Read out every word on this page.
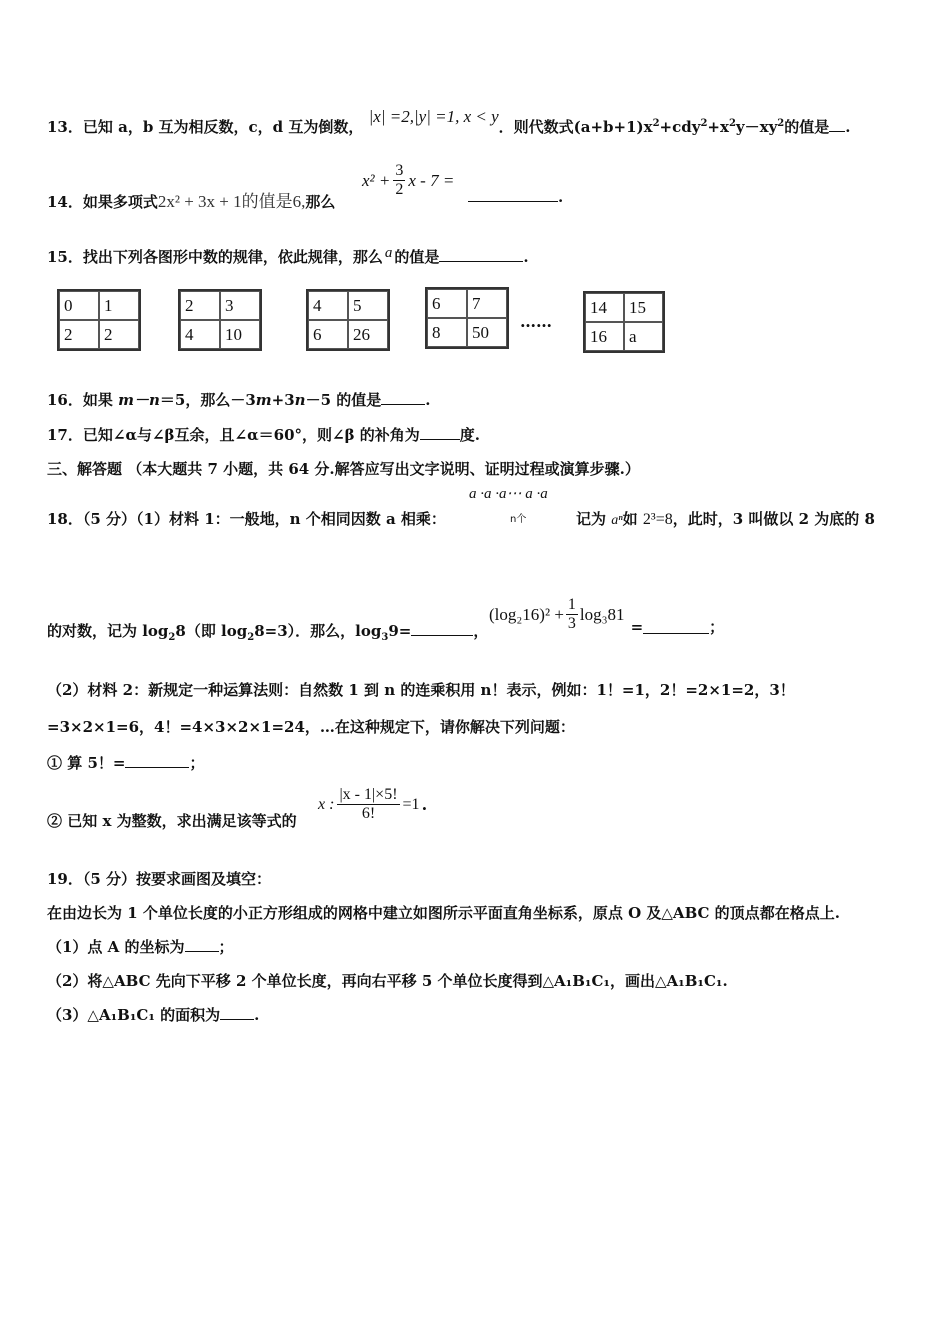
13．已知 a，b 互为相反数，c，d 互为倒数， |x| =2,|y| =1, x < y．则代数式$(a+b+1)x^2+cdy^2+x^2y-xy^2$的值是 .
14．如果多项式2x² + 3x + 1的值是6,那么
$x^2 + \frac{3}{2}$ x - 7 =
.
15．找出下列各图形中数的规律，依此规律，那么 a 的值是	.
0	1
2	2
2	3
4	10
4	5
6	26
6	7
8	50
……
14	15
16	a
16．如果 m－n＝5，那么－3m+3n－5 的值是	.
17．已知∠α与∠β互余，且∠α＝60°，则∠β 的补角为	度.
三、解答题 （本大题共 7 小题，共 64 分.解答应写出文字说明、证明过程或演算步骤.）
a ·a ·a⋯ a ·a
n个
18．（5 分）（1）材料 1：一般地，n 个相同因数 a 相乘：	记为 aⁿ如 2³=8，此时，3 叫做以 2 为底的 8
的对数，记为 $\log_28$（即 $\log_28=3$）．那么，$\log_39=$	，
$(\log_216)^2 + \frac{1}{3} \log_381$
=	；
（2）材料 2：新规定一种运算法则：自然数 1 到 n 的连乘积用 n！表示，例如：1！=1，2！=2×1=2，3！
=3×2×1=6，4！=4×3×2×1=24，…在这种规定下，请你解决下列问题：
① 算 5！=	；
② 已知 x 为整数，求出满足该等式的
x : $\frac{|x - 1|\times 5!}{6!} =1$ .
19．（5 分）按要求画图及填空：
在由边长为 1 个单位长度的小正方形组成的网格中建立如图所示平面直角坐标系，原点 O 及△ABC 的顶点都在格点上.
（1）点 A 的坐标为 ；
（2）将△ABC 先向下平移 2 个单位长度，再向右平移 5 个单位长度得到△A₁B₁C₁，画出△A₁B₁C₁.
（3）△A₁B₁C₁ 的面积为 .
